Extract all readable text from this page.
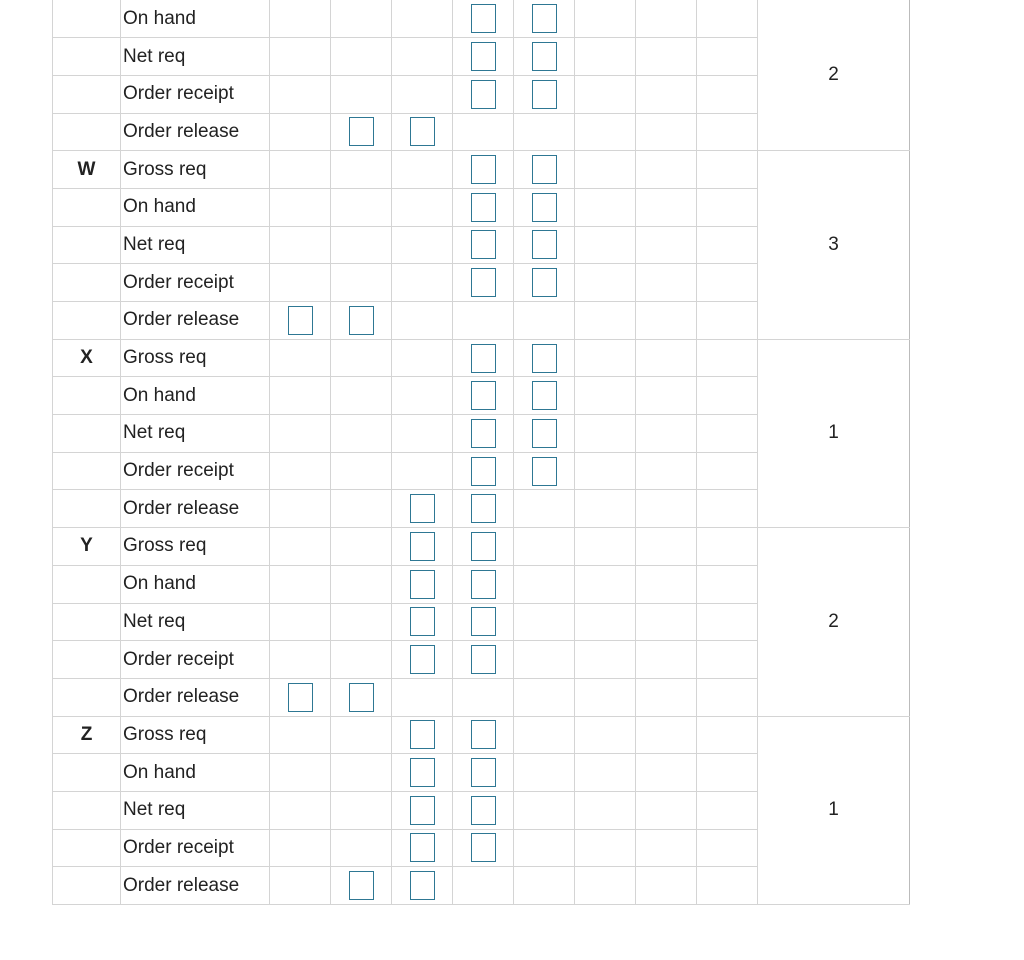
	On hand									2
	Net req									
	Order receipt									
	Order release									
W	Gross req									3
	On hand									
	Net req									
	Order receipt									
	Order release									
X	Gross req									1
	On hand									
	Net req									
	Order receipt									
	Order release									
Y	Gross req									2
	On hand									
	Net req									
	Order receipt									
	Order release									
Z	Gross req									1
	On hand									
	Net req									
	Order receipt									
	Order release									
